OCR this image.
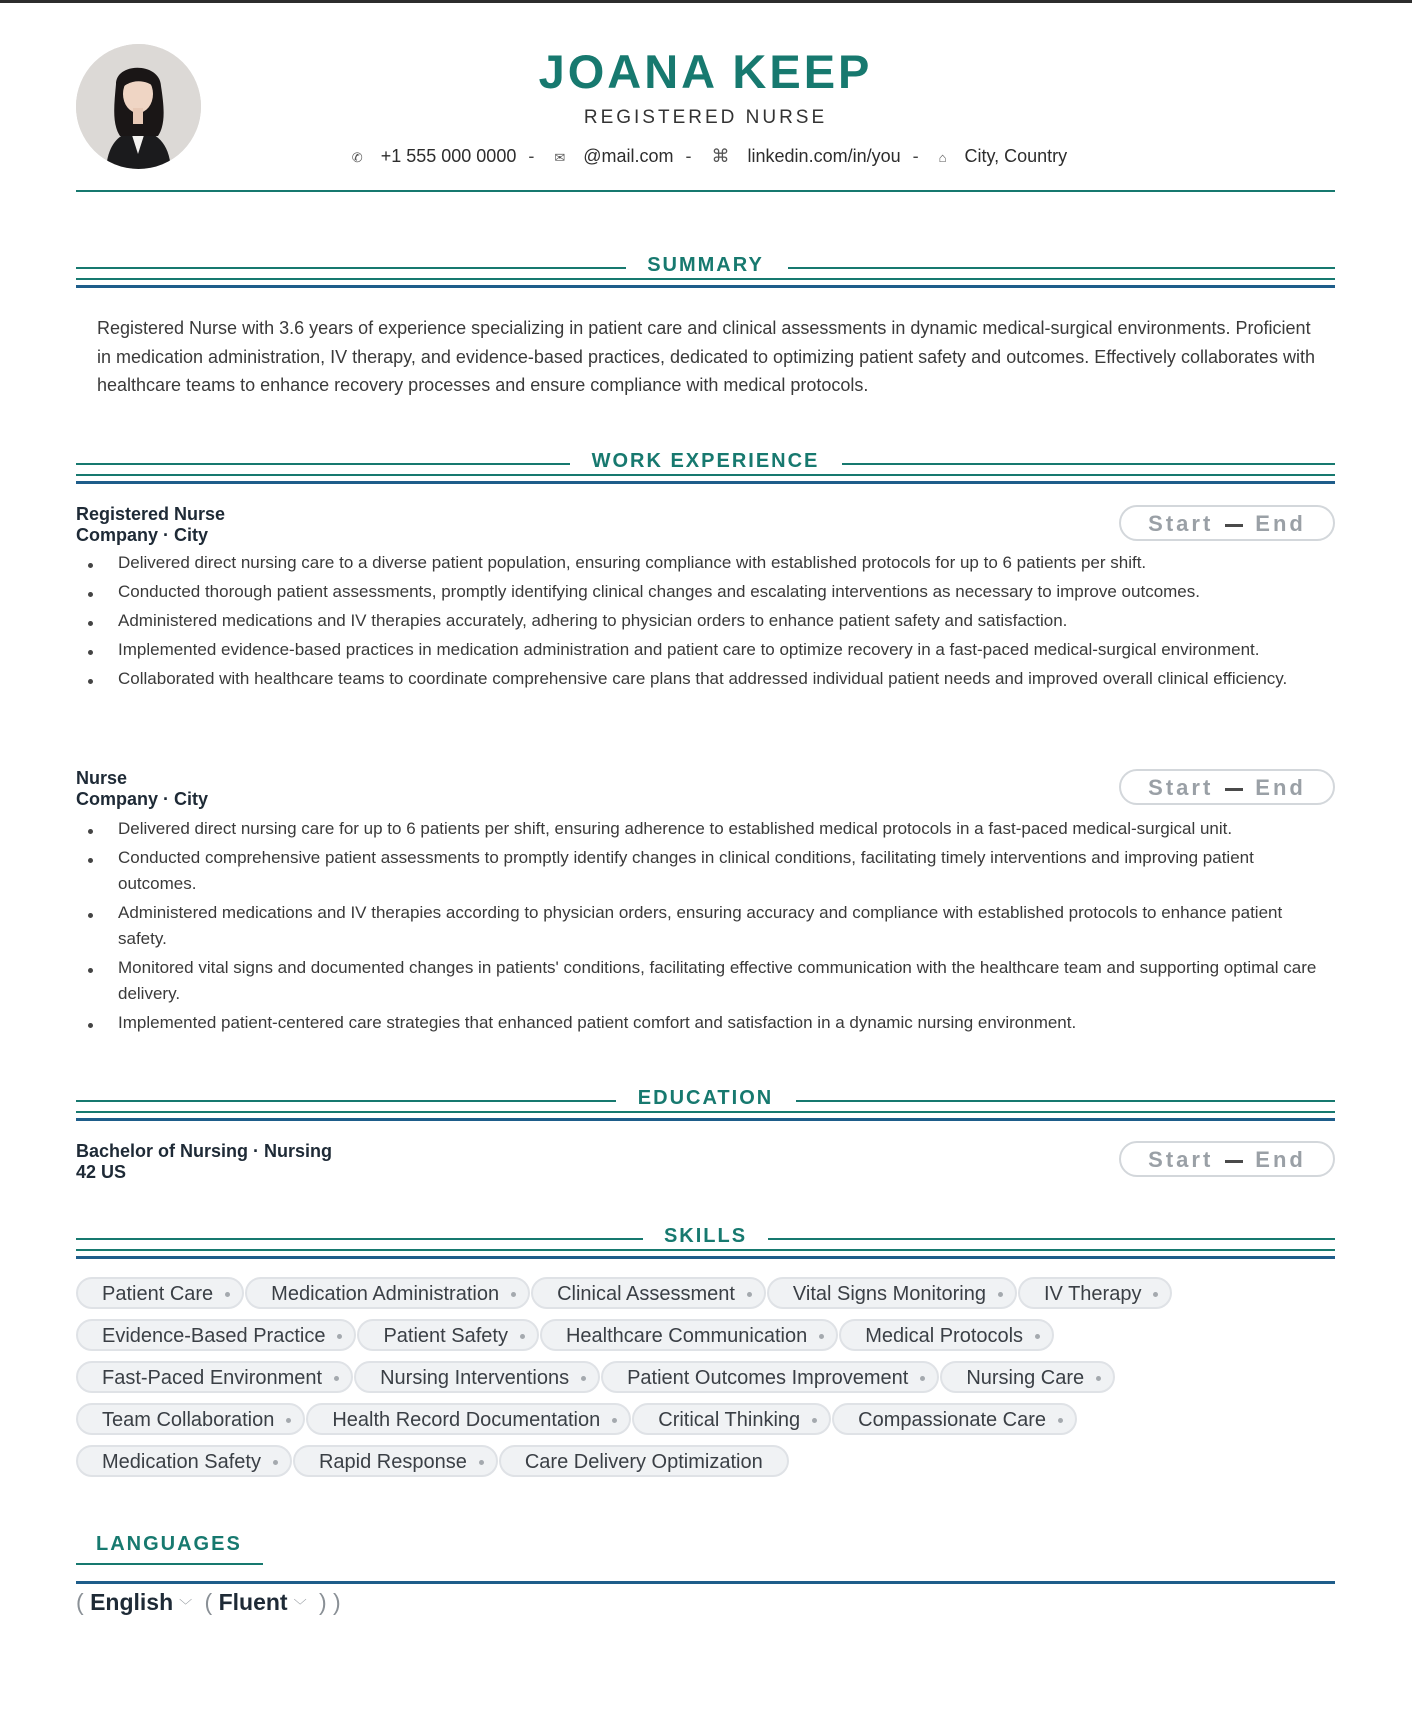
JOANA KEEP
REGISTERED NURSE
✆ +1 555 000 0000 - ✉ @mail.com - ⌘ linkedin.com/in/you - ⌂ City, Country
SUMMARY
Registered Nurse with 3.6 years of experience specializing in patient care and clinical assessments in dynamic medical-surgical environments. Proficient in medication administration, IV therapy, and evidence-based practices, dedicated to optimizing patient safety and outcomes. Effectively collaborates with healthcare teams to enhance recovery processes and ensure compliance with medical protocols.
WORK EXPERIENCE
Registered Nurse
Company · City	Start End
Delivered direct nursing care to a diverse patient population, ensuring compliance with established protocols for up to 6 patients per shift.
Conducted thorough patient assessments, promptly identifying clinical changes and escalating interventions as necessary to improve outcomes.
Administered medications and IV therapies accurately, adhering to physician orders to enhance patient safety and satisfaction.
Implemented evidence-based practices in medication administration and patient care to optimize recovery in a fast-paced medical-surgical environment.
Collaborated with healthcare teams to coordinate comprehensive care plans that addressed individual patient needs and improved overall clinical efficiency.
Nurse
Company · City	Start End
Delivered direct nursing care for up to 6 patients per shift, ensuring adherence to established medical protocols in a fast-paced medical-surgical unit.
Conducted comprehensive patient assessments to promptly identify changes in clinical conditions, facilitating timely interventions and improving patient outcomes.
Administered medications and IV therapies according to physician orders, ensuring accuracy and compliance with established protocols to enhance patient safety.
Monitored vital signs and documented changes in patients' conditions, facilitating effective communication with the healthcare team and supporting optimal care delivery.
Implemented patient-centered care strategies that enhanced patient comfort and satisfaction in a dynamic nursing environment.
EDUCATION
Bachelor of Nursing · Nursing
42 US	Start End
SKILLS
Patient Care	Medication Administration	Clinical Assessment	Vital Signs Monitoring	IV Therapy
Evidence-Based Practice	Patient Safety	Healthcare Communication	Medical Protocols
Fast-Paced Environment	Nursing Interventions	Patient Outcomes Improvement	Nursing Care
Team Collaboration	Health Record Documentation	Critical Thinking	Compassionate Care
Medication Safety	Rapid Response	Care Delivery Optimization
LANGUAGES
( English ﹀ ( Fluent ﹀ ) )
